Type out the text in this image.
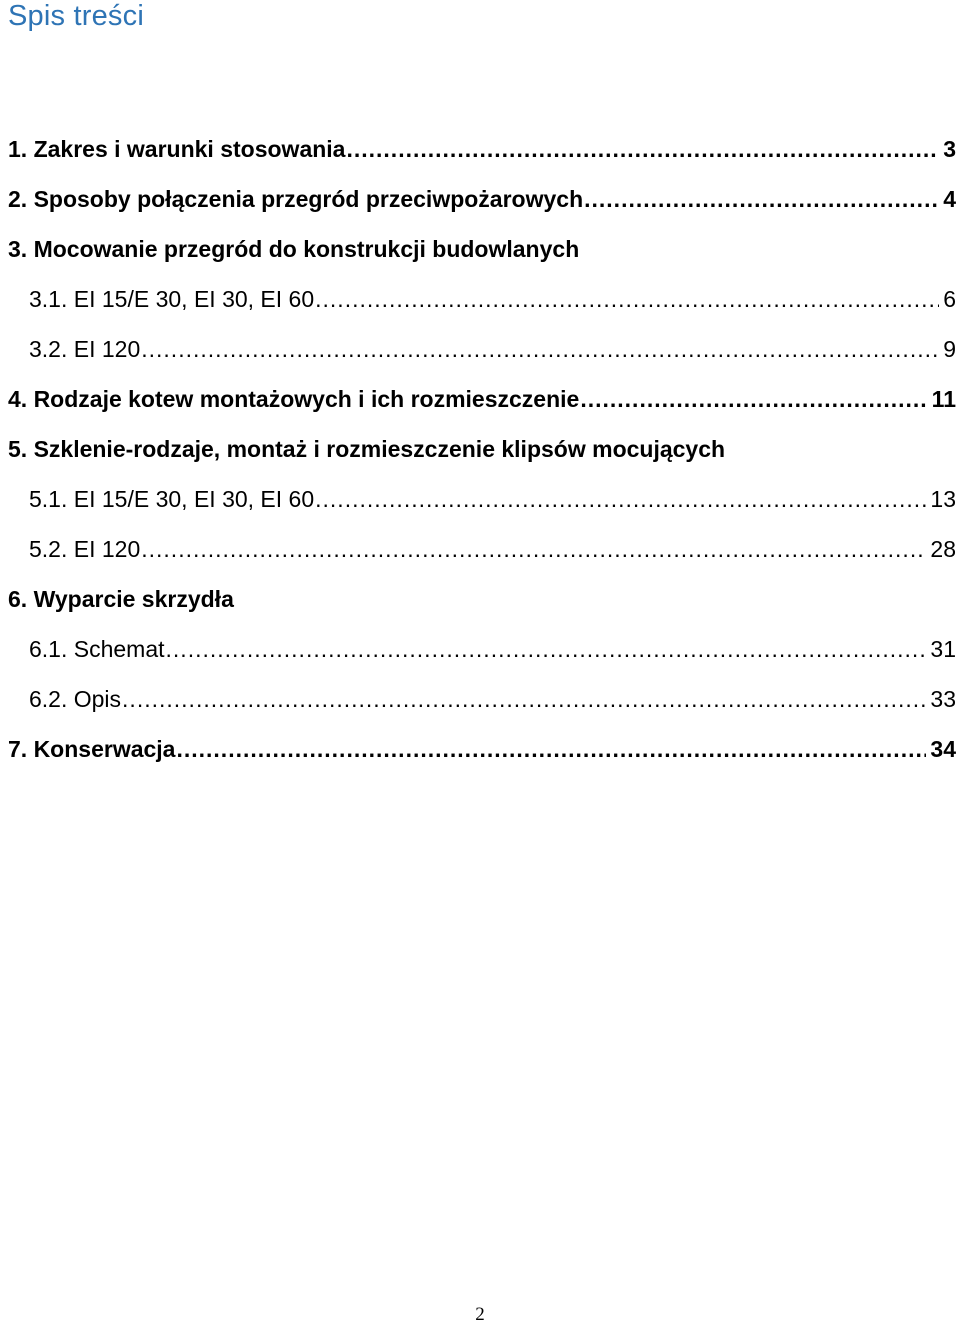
Spis treści
1. Zakres i warunki stosowania .....	3
2. Sposoby połączenia przegród przeciwpożarowych .....	4
3. Mocowanie przegród do konstrukcji budowlanych
3.1. EI 15/E 30, EI 30, EI 60 .....	6
3.2. EI 120 .....	9
4. Rodzaje kotew montażowych i ich rozmieszczenie .....	11
5. Szklenie-rodzaje, montaż i rozmieszczenie klipsów mocujących
5.1. EI 15/E 30, EI 30, EI 60 .....	13
5.2. EI 120 .....	28
6. Wyparcie skrzydła
6.1. Schemat .....	31
6.2. Opis .....	33
7. Konserwacja .....	34

2
